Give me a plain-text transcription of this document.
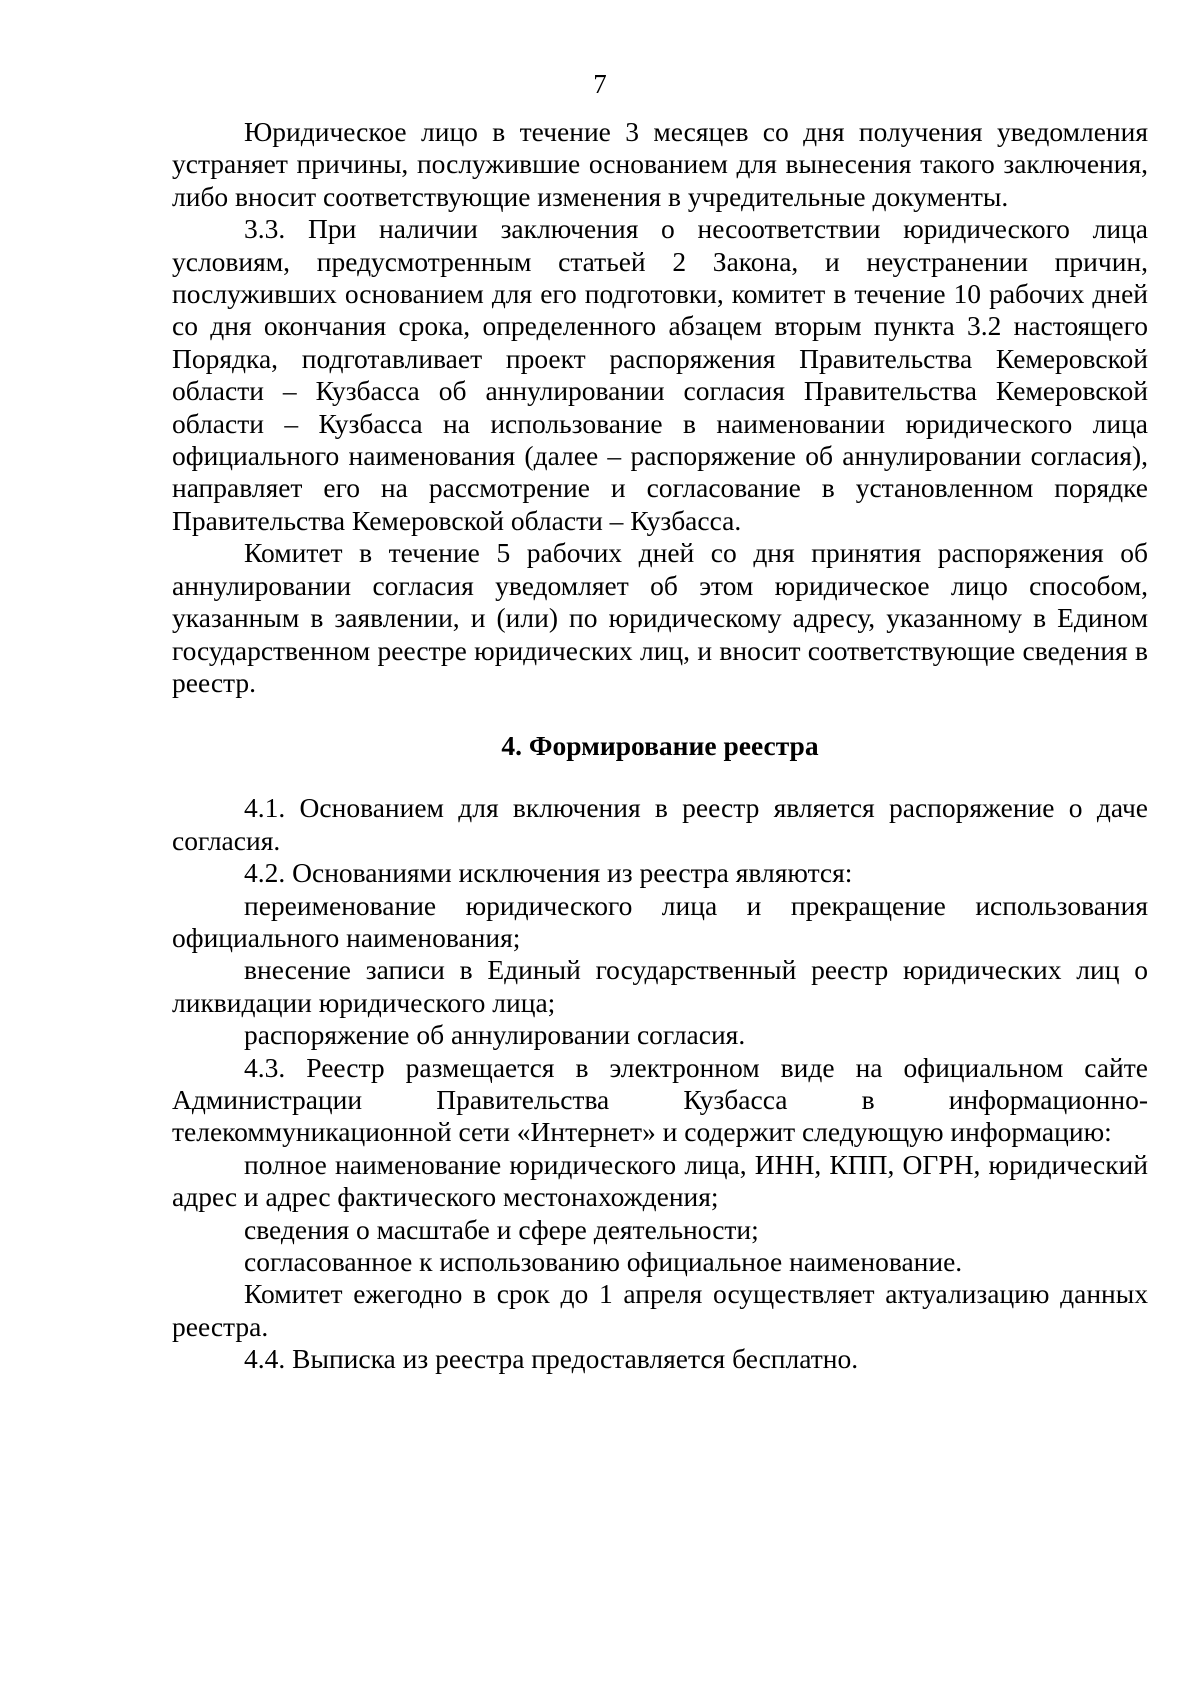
7

Юридическое лицо в течение 3 месяцев со дня получения уведомления устраняет причины, послужившие основанием для вынесения такого заключения, либо вносит соответствующие изменения в учредительные документы.

3.3. При наличии заключения о несоответствии юридического лица условиям, предусмотренным статьей 2 Закона, и неустранении причин, послуживших основанием для его подготовки, комитет в течение 10 рабочих дней со дня окончания срока, определенного абзацем вторым пункта 3.2 настоящего Порядка, подготавливает проект распоряжения Правительства Кемеровской области – Кузбасса об аннулировании согласия Правительства Кемеровской области – Кузбасса на использование в наименовании юридического лица официального наименования (далее – распоряжение об аннулировании согласия), направляет его на рассмотрение и согласование в установленном порядке Правительства Кемеровской области – Кузбасса.

Комитет в течение 5 рабочих дней со дня принятия распоряжения об аннулировании согласия уведомляет об этом юридическое лицо способом, указанным в заявлении, и (или) по юридическому адресу, указанному в Едином государственном реестре юридических лиц, и вносит соответствующие сведения в реестр.

4. Формирование реестра

4.1. Основанием для включения в реестр является распоряжение о даче согласия.

4.2. Основаниями исключения из реестра являются:

переименование юридического лица и прекращение использования официального наименования;

внесение записи в Единый государственный реестр юридических лиц о ликвидации юридического лица;

распоряжение об аннулировании согласия.

4.3. Реестр размещается в электронном виде на официальном сайте Администрации Правительства Кузбасса в информационно-телекоммуникационной сети «Интернет» и содержит следующую информацию:

полное наименование юридического лица, ИНН, КПП, ОГРН, юридический адрес и адрес фактического местонахождения;

сведения о масштабе и сфере деятельности;

согласованное к использованию официальное наименование.

Комитет ежегодно в срок до 1 апреля осуществляет актуализацию данных реестра.

4.4. Выписка из реестра предоставляется бесплатно.
